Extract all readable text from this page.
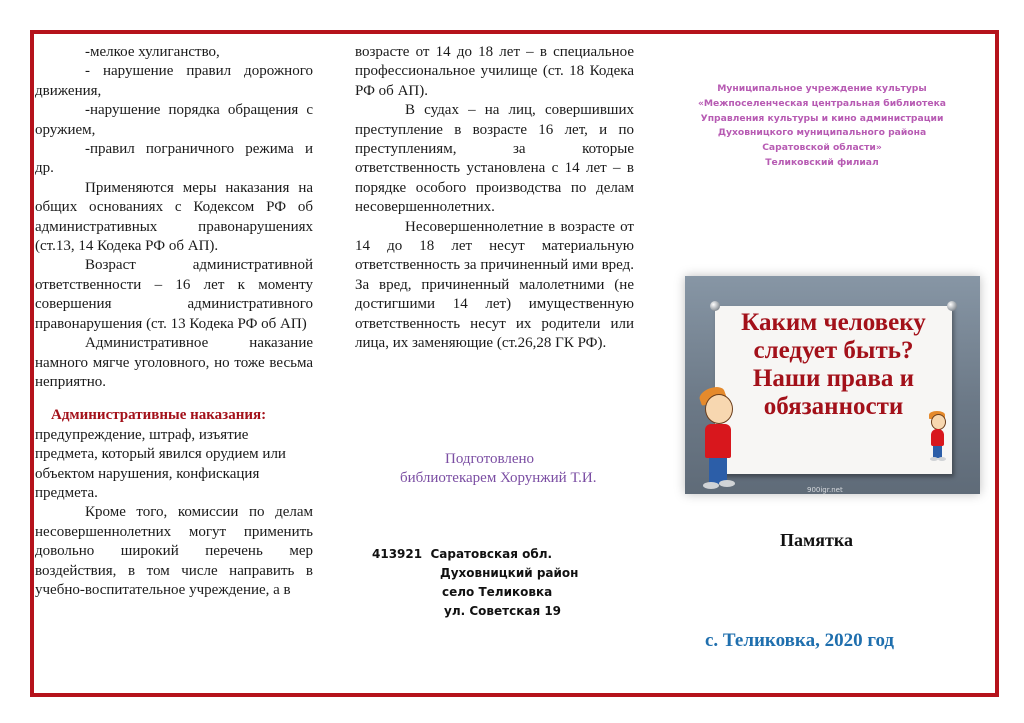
-мелкое хулиганство,

- нарушение правил дорожного движения,

-нарушение порядка обращения с оружием,

-правил пограничного режима и др.

Применяются меры наказания на общих основаниях с Кодексом РФ об административных правонарушениях (ст.13, 14 Кодека РФ об АП).

Возраст административной ответственности – 16 лет к моменту совершения административного правонарушения (ст. 13 Кодека РФ об АП)

Административное наказание намного мягче уголовного, но тоже весьма неприятно.

Административные наказания:

предупреждение, штраф, изъятие предмета, который явился орудием или объектом нарушения, конфискация предмета.

Кроме того, комиссии по делам несовершеннолетних могут применить довольно широкий перечень мер воздействия, в том числе направить в учебно-воспитательное учреждение, а в

возрасте от 14 до 18 лет – в специальное профессиональное училище (ст. 18 Кодека РФ об АП).

В судах – на лиц, совершивших преступление в возрасте 16 лет, и по преступлениям, за которые ответственность установлена с 14 лет – в порядке особого производства по делам несовершеннолетних.

Несовершеннолетние в возрасте от 14 до 18 лет несут материальную ответственность за причиненный ими вред. За вред, причиненный малолетними (не достигшими 14 лет) имущественную ответственность несут их родители или лица, их заменяющие (ст.26,28 ГК РФ).

Подготовлено
библиотекарем Хорунжий Т.И.
413921  Саратовская обл.
Духовницкий район
село Теликовка
ул. Советская 19
Муниципальное учреждение культуры
«Межпоселенческая центральная библиотека
Управления культуры и кино администрации
Духовницкого муниципального района
Саратовской области»
Теликовский филиал
Каким человеку
следует быть?
Наши права и
обязанности
900igr.net
Памятка
с. Теликовка, 2020 год
